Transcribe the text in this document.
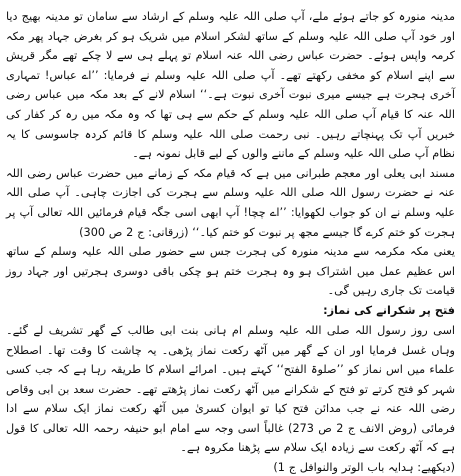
مدینہ منورہ کو جاتے ہوئے ملے، آپ صلی اللہ علیہ وسلم کے ارشاد سے سامان تو مدینہ بھیج دیا اور خود آپ صلی اللہ علیہ وسلم کے ساتھ لشکر اسلام میں شریک ہو کر بغرض جہاد پھر مکہ کرمہ واپس ہوئے۔ حضرت عباس رضی اللہ عنہ اسلام تو پہلے ہی سے لا چکے تھے مگر قریش سے اپنے اسلام کو مخفی رکھتے تھے۔ آپ صلی اللہ علیہ وسلم نے فرمایا: ’’اے عباس! تمہاری آخری ہجرت ہے جیسے میری نبوت آخری نبوت ہے۔‘‘ اسلام لانے کے بعد مکہ میں عباس رضی اللہ عنہ کا قیام آپ صلی اللہ علیہ وسلم کے حکم سے ہی تھا کہ وہ مکہ میں رہ کر کفار کی خبریں آپ تک پہنچاتے رہیں۔ نبی رحمت صلی اللہ علیہ وسلم کا قائم کردہ جاسوسی کا یہ نظام آپ صلی اللہ علیہ وسلم کے ماننے والوں کے لیے قابل نمونہ ہے۔

مسند ابی یعلی اور معجم طبرانی میں ہے کہ قیام مکہ کے زمانے میں حضرت عباس رضی اللہ عنہ نے حضرت رسول اللہ صلی اللہ علیہ وسلم سے ہجرت کی اجازت چاہی۔ آپ صلی اللہ علیہ وسلم نے ان کو جواب لکھوایا: ’’اے چچا! آپ ابھی اسی جگہ قیام فرمائیں اللہ تعالی آپ پر ہجرت کو ختم کرے گا جیسے مجھ پر نبوت کو ختم کیا۔‘‘ (زرقانی: ج 2 ص 300)

یعنی مکہ مکرمہ سے مدینہ منورہ کی ہجرت جس سے حضور صلی اللہ علیہ وسلم کے ساتھ اس عظیم عمل میں اشتراک ہو وہ ہجرت ختم ہو چکی باقی دوسری ہجرتیں اور جہاد روز قیامت تک جاری رہیں گی۔

فتح پر شکرانے کی نماز:

اسی روز رسول اللہ صلی اللہ علیہ وسلم ام ہانی بنت ابی طالب کے گھر تشریف لے گئے۔ وہاں غسل فرمایا اور ان کے گھر میں آٹھ رکعت نماز پڑھی۔ یہ چاشت کا وقت تھا۔ اصطلاح علماء میں اس نماز کو ’’صلوۃ الفتح‘‘ کہتے ہیں۔ امرائے اسلام کا طریقہ رہا ہے کہ جب کسی شہر کو فتح کرتے تو فتح کے شکرانے میں آٹھ رکعت نماز پڑھتے تھے۔ حضرت سعد بن ابی وقاص رضی اللہ عنہ نے جب مدائن فتح کیا تو ایوان کسریٰ میں آٹھ رکعت نماز ایک سلام سے ادا فرمائی (روض الانف ج 2 ص 273) غالباً اسی وجہ سے امام ابو حنیفہ رحمہ اللہ تعالی کا قول ہے کہ آٹھ رکعت سے زیادہ ایک سلام سے پڑھنا مکروہ ہے۔

(دیکھیے: ہدایہ باب الوتر والنوافل ج 1)
